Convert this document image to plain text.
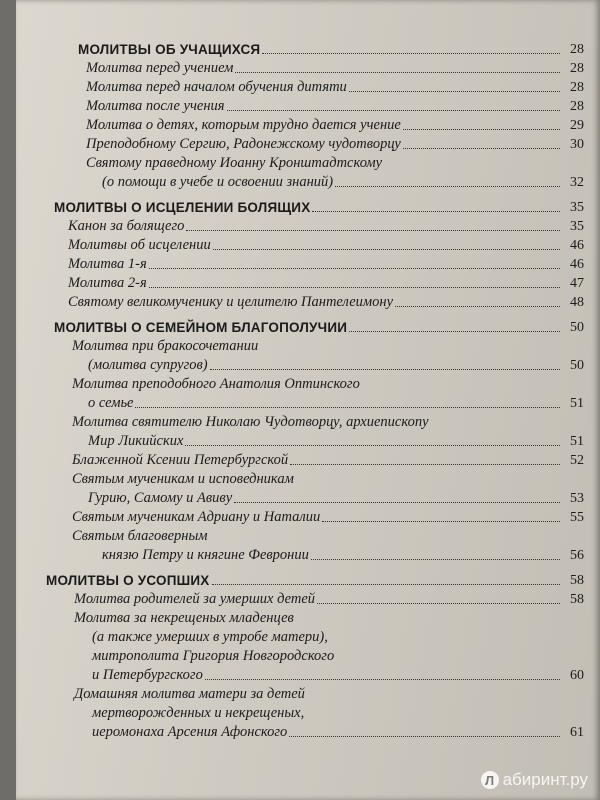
МОЛИТВЫ ОБ УЧАЩИХСЯ	28
Молитва перед учением	28
Молитва перед началом обучения дитяти	28
Молитва после учения	28
Молитва о детях, которым трудно дается учение	29
Преподобному Сергию, Радонежскому чудотворцу	30
Святому праведному Иоанну Кронштадтскому
(о помощи в учебе и освоении знаний)	32
МОЛИТВЫ О ИСЦЕЛЕНИИ БОЛЯЩИХ	35
Канон за болящего	35
Молитвы об исцелении	46
Молитва 1-я	46
Молитва 2-я	47
Святому великомученику и целителю Пантелеимону	48
МОЛИТВЫ О СЕМЕЙНОМ БЛАГОПОЛУЧИИ	50
Молитва при бракосочетании
(молитва супругов)	50
Молитва преподобного Анатолия Оптинского
о семье	51
Молитва святителю Николаю Чудотворцу, архиепископу
Мир Ликийских	51
Блаженной Ксении Петербургской	52
Святым мученикам и исповедникам
Гурию, Самому и Авиву	53
Святым мученикам Адриану и Наталии	55
Святым благоверным
князю Петру и княгине Февронии	56
МОЛИТВЫ О УСОПШИХ	58
Молитва родителей за умерших детей	58
Молитва за некрещеных младенцев
(а также умерших в утробе матери),
митрополита Григория Новгородского
и Петербургского	60
Домашняя молитва матери за детей
мертворожденных и некрещеных,
иеромонаха Арсения Афонского	61
Л абиринт.ру
